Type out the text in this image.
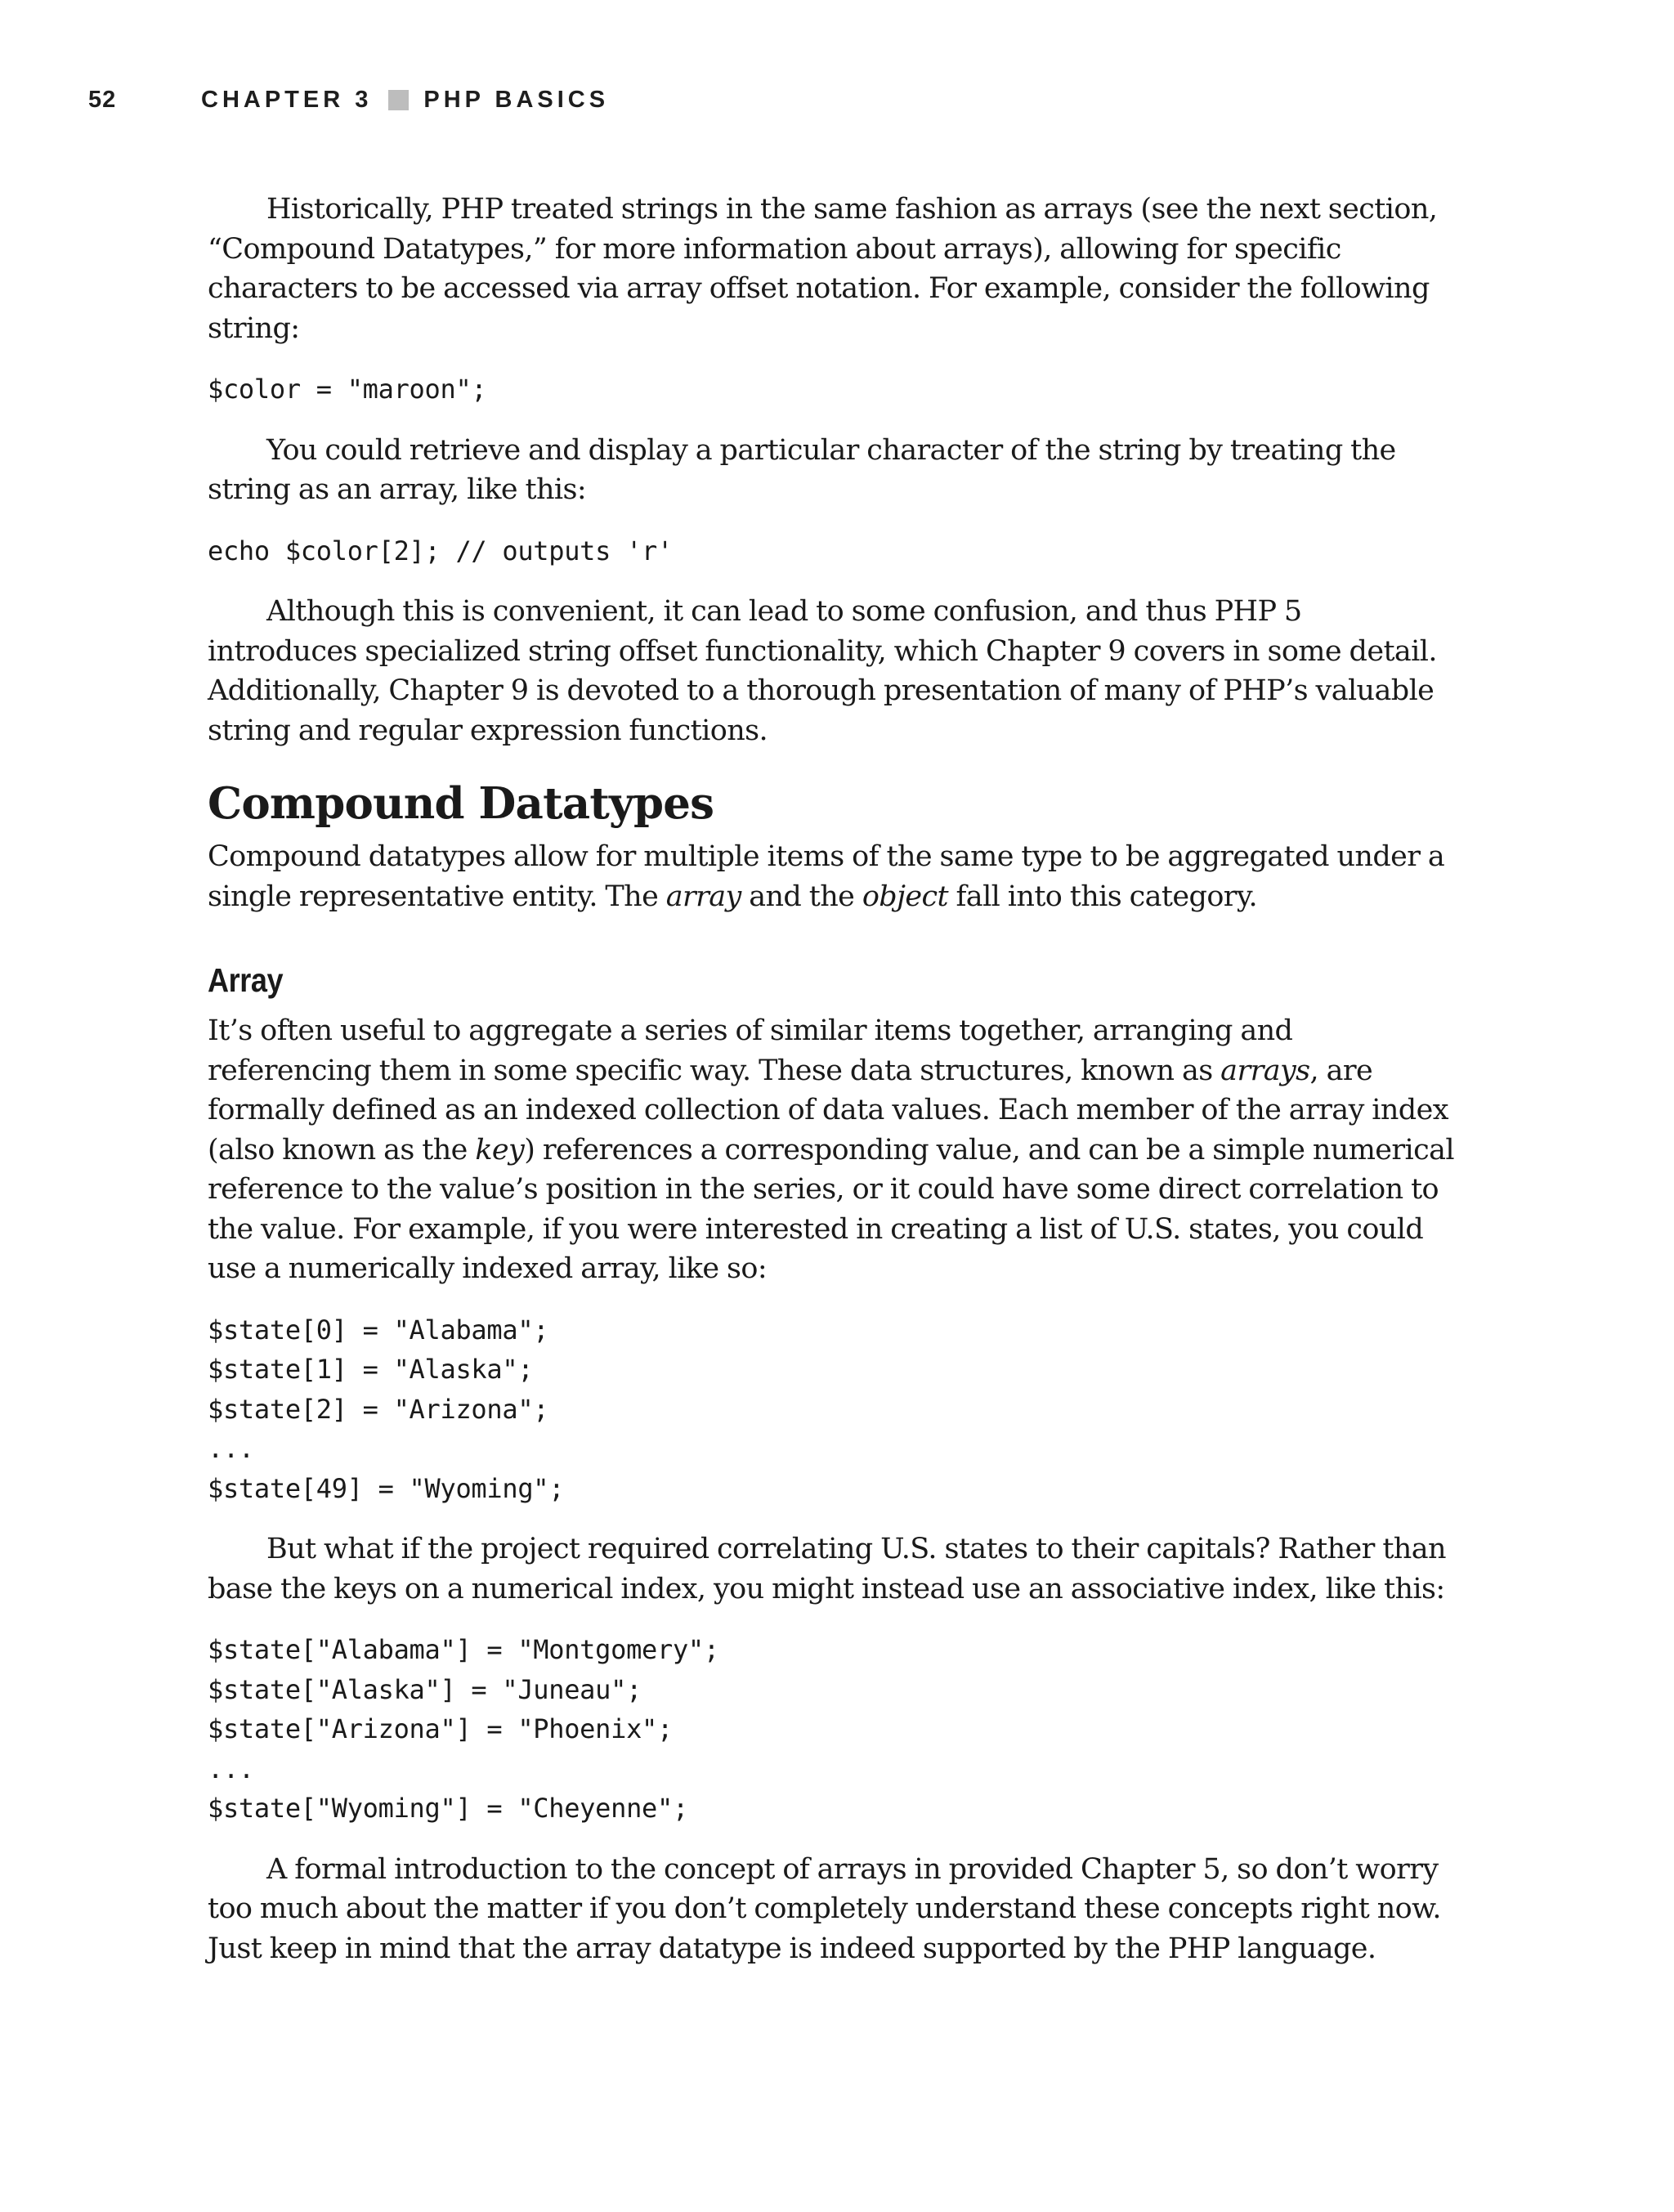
52	CHAPTER 3 PHP BASICS

Historically, PHP treated strings in the same fashion as arrays (see the next section, “Compound Datatypes,” for more information about arrays), allowing for specific characters to be accessed via array offset notation. For example, consider the following string:

$color = "maroon";

You could retrieve and display a particular character of the string by treating the string as an array, like this:

echo $color[2]; // outputs 'r'

Although this is convenient, it can lead to some confusion, and thus PHP 5 introduces specialized string offset functionality, which Chapter 9 covers in some detail. Additionally, Chapter 9 is devoted to a thorough presentation of many of PHP’s valuable string and regular expression functions.

Compound Datatypes

Compound datatypes allow for multiple items of the same type to be aggregated under a single representative entity. The array and the object fall into this category.

Array

It’s often useful to aggregate a series of similar items together, arranging and referencing them in some specific way. These data structures, known as arrays, are formally defined as an indexed collection of data values. Each member of the array index (also known as the key) references a corresponding value, and can be a simple numerical reference to the value’s position in the series, or it could have some direct correlation to the value. For example, if you were interested in creating a list of U.S. states, you could use a numerically indexed array, like so:

$state[0] = "Alabama";
$state[1] = "Alaska";
$state[2] = "Arizona";
...
$state[49] = "Wyoming";

But what if the project required correlating U.S. states to their capitals? Rather than base the keys on a numerical index, you might instead use an associative index, like this:

$state["Alabama"] = "Montgomery";
$state["Alaska"] = "Juneau";
$state["Arizona"] = "Phoenix";
...
$state["Wyoming"] = "Cheyenne";

A formal introduction to the concept of arrays in provided Chapter 5, so don’t worry too much about the matter if you don’t completely understand these concepts right now. Just keep in mind that the array datatype is indeed supported by the PHP language.
